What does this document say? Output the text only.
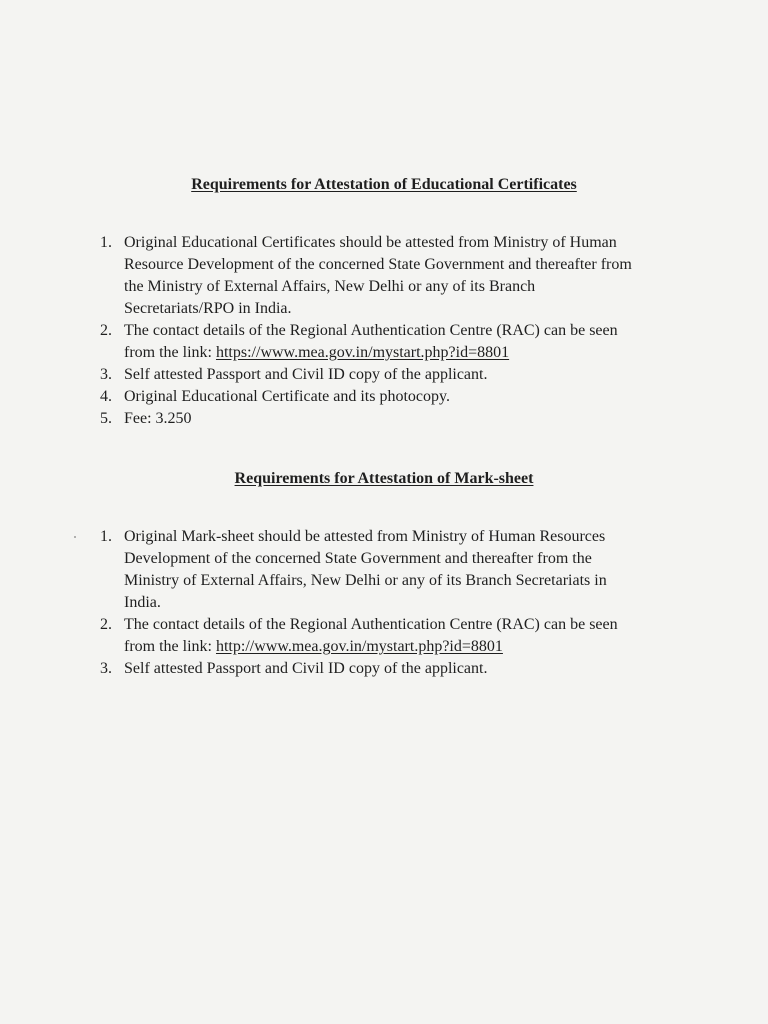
Requirements for Attestation of Educational Certificates
1. Original Educational Certificates should be attested from Ministry of Human Resource Development of the concerned State Government and thereafter from the Ministry of External Affairs, New Delhi or any of its Branch Secretariats/RPO in India.
2. The contact details of the Regional Authentication Centre (RAC) can be seen from the link: https://www.mea.gov.in/mystart.php?id=8801
3. Self attested Passport and Civil ID copy of the applicant.
4. Original Educational Certificate and its photocopy.
5. Fee: 3.250
Requirements for Attestation of Mark-sheet
1. Original Mark-sheet should be attested from Ministry of Human Resources Development of the concerned State Government and thereafter from the Ministry of External Affairs, New Delhi or any of its Branch Secretariats in India.
2. The contact details of the Regional Authentication Centre (RAC) can be seen from the link: http://www.mea.gov.in/mystart.php?id=8801
3. Self attested Passport and Civil ID copy of the applicant.
